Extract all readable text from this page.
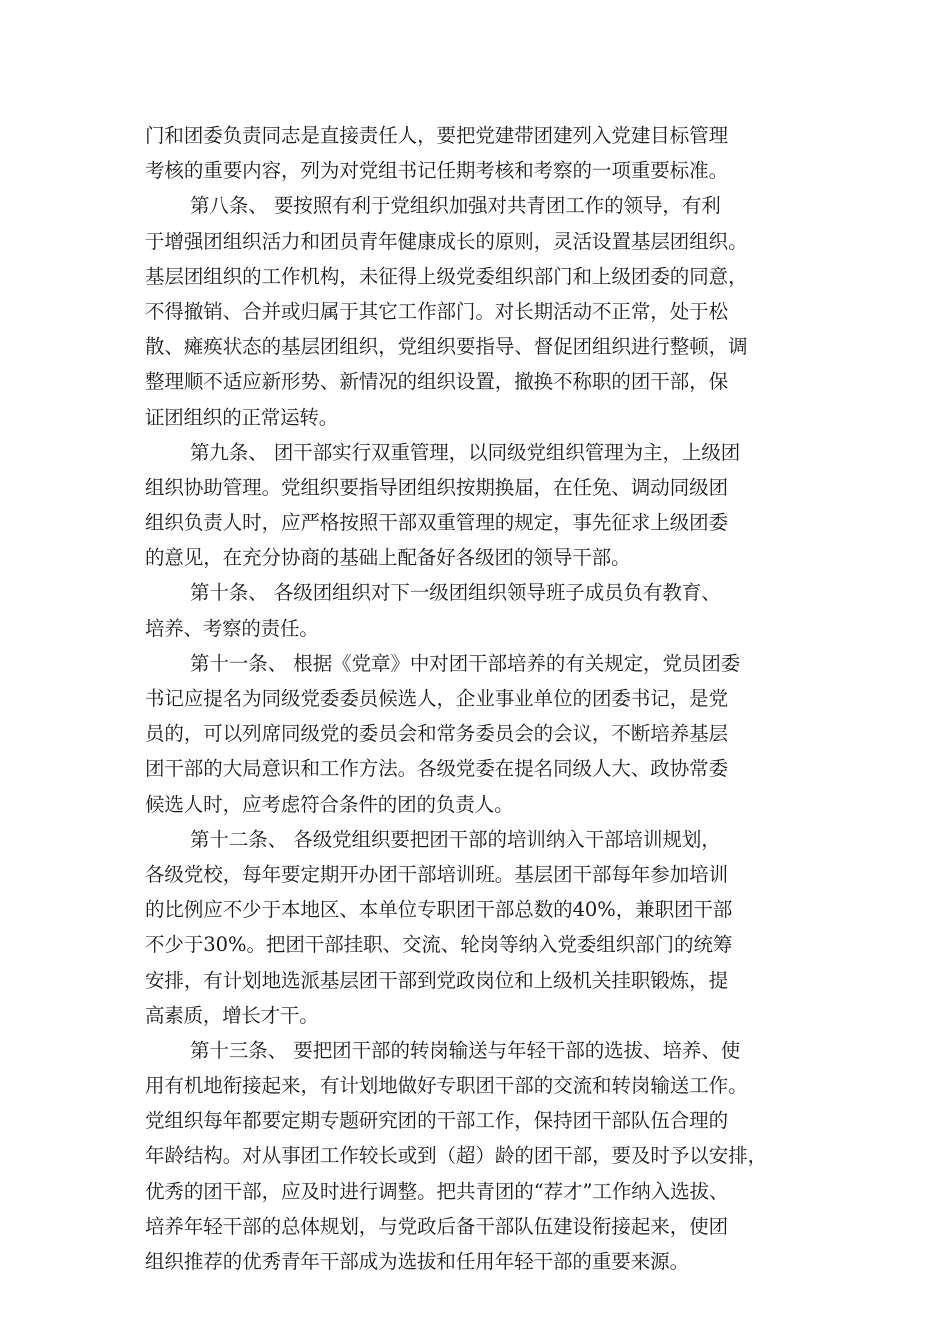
门和团委负责同志是直接责任人，要把党建带团建列入党建目标管理
考核的重要内容，列为对党组书记任期考核和考察的一项重要标准。
第八条、 要按照有利于党组织加强对共青团工作的领导，有利
于增强团组织活力和团员青年健康成长的原则，灵活设置基层团组织。
基层团组织的工作机构，未征得上级党委组织部门和上级团委的同意，
不得撤销、合并或归属于其它工作部门。对长期活动不正常，处于松
散、瘫痪状态的基层团组织，党组织要指导、督促团组织进行整顿，调
整理顺不适应新形势、新情况的组织设置，撤换不称职的团干部，保
证团组织的正常运转。
第九条、 团干部实行双重管理，以同级党组织管理为主，上级团
组织协助管理。党组织要指导团组织按期换届，在任免、调动同级团
组织负责人时，应严格按照干部双重管理的规定，事先征求上级团委
的意见，在充分协商的基础上配备好各级团的领导干部。
第十条、 各级团组织对下一级团组织领导班子成员负有教育、
培养、考察的责任。
第十一条、 根据《党章》中对团干部培养的有关规定，党员团委
书记应提名为同级党委委员候选人，企业事业单位的团委书记，是党
员的，可以列席同级党的委员会和常务委员会的会议，不断培养基层
团干部的大局意识和工作方法。各级党委在提名同级人大、政协常委
候选人时，应考虑符合条件的团的负责人。
第十二条、 各级党组织要把团干部的培训纳入干部培训规划，
各级党校，每年要定期开办团干部培训班。基层团干部每年参加培训
的比例应不少于本地区、本单位专职团干部总数的40%，兼职团干部
不少于30%。把团干部挂职、交流、轮岗等纳入党委组织部门的统筹
安排，有计划地选派基层团干部到党政岗位和上级机关挂职锻炼，提
高素质，增长才干。
第十三条、 要把团干部的转岗输送与年轻干部的选拔、培养、使
用有机地衔接起来，有计划地做好专职团干部的交流和转岗输送工作。
党组织每年都要定期专题研究团的干部工作，保持团干部队伍合理的
年龄结构。对从事团工作较长或到（超）龄的团干部，要及时予以安排，
优秀的团干部，应及时进行调整。把共青团的“荐才”工作纳入选拔、
培养年轻干部的总体规划，与党政后备干部队伍建设衔接起来，使团
组织推荐的优秀青年干部成为选拔和任用年轻干部的重要来源。
